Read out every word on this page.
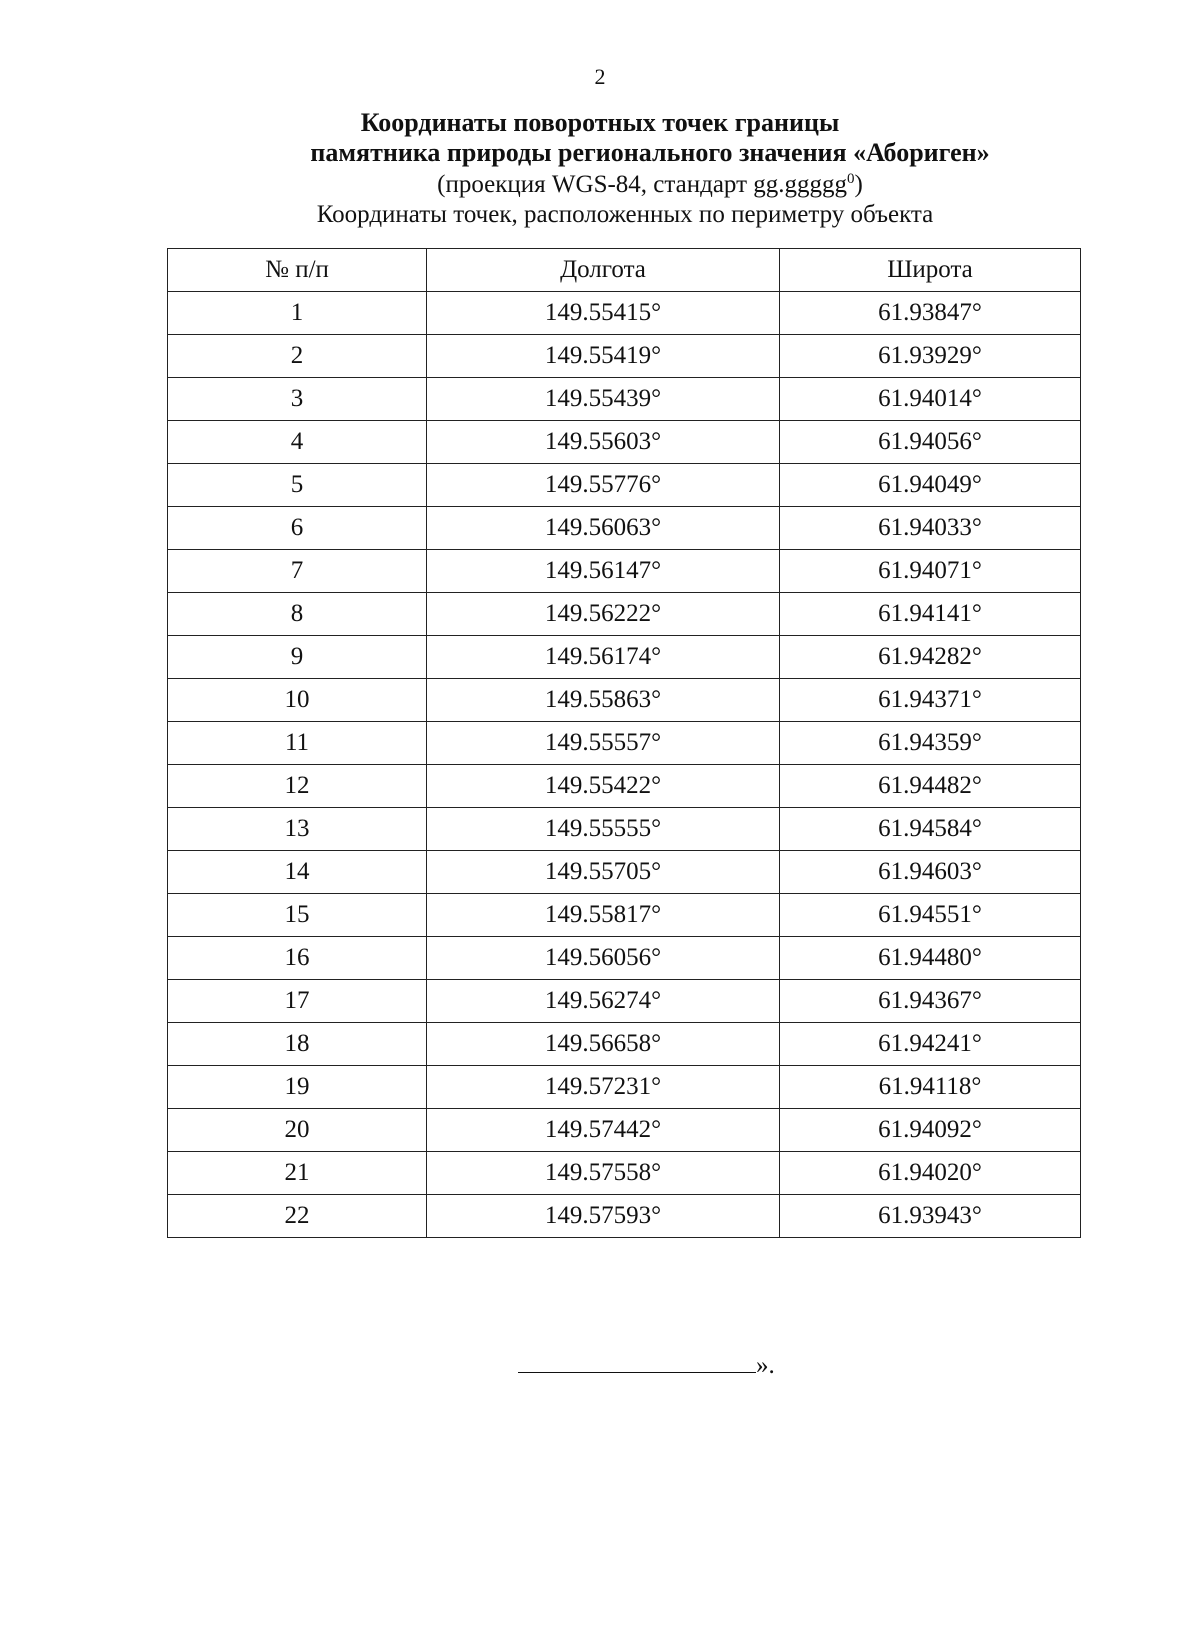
2
Координаты поворотных точек границы
памятника природы регионального значения «Абориген»
(проекция WGS-84, стандарт gg.ggggg$^0$)
Координаты точек, расположенных по периметру объекта
№ п/п	Долгота	Широта
1	149.55415°	61.93847°
2	149.55419°	61.93929°
3	149.55439°	61.94014°
4	149.55603°	61.94056°
5	149.55776°	61.94049°
6	149.56063°	61.94033°
7	149.56147°	61.94071°
8	149.56222°	61.94141°
9	149.56174°	61.94282°
10	149.55863°	61.94371°
11	149.55557°	61.94359°
12	149.55422°	61.94482°
13	149.55555°	61.94584°
14	149.55705°	61.94603°
15	149.55817°	61.94551°
16	149.56056°	61.94480°
17	149.56274°	61.94367°
18	149.56658°	61.94241°
19	149.57231°	61.94118°
20	149.57442°	61.94092°
21	149.57558°	61.94020°
22	149.57593°	61.93943°
».
